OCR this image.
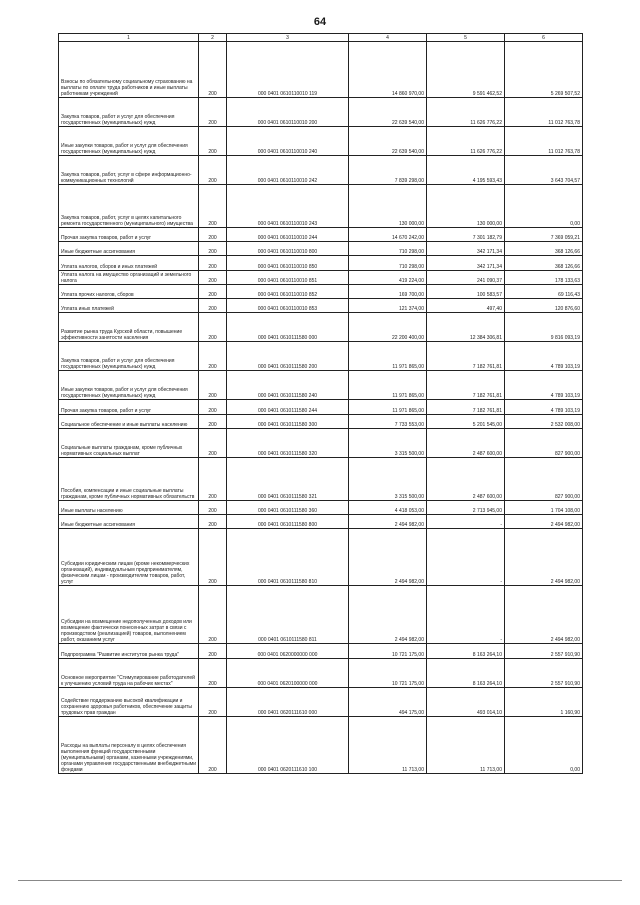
64
1	2	3	4	5	6
Взносы по обязательному социальному страхованию на выплаты по оплате труда работников и иные выплаты работникам учреждений	200	000 0401 0610110010 119	14 860 970,00	9 591 462,52	5 269 507,52
Закупка товаров, работ и услуг для обеспечения государственных (муниципальных) нужд	200	000 0401 0610110010 200	22 639 540,00	11 626 776,22	11 012 763,78
Иные закупки товаров, работ и услуг для обеспечения государственных (муниципальных) нужд	200	000 0401 0610110010 240	22 639 540,00	11 626 776,22	11 012 763,78
Закупка товаров, работ, услуг в сфере информационно-коммуникационных технологий	200	000 0401 0610110010 242	7 839 298,00	4 195 593,43	3 643 704,57
Закупка товаров, работ, услуг в целях капитального ремонта государственного (муниципального) имущества	200	000 0401 0610110010 243	130 000,00	130 000,00	0,00
Прочая закупка товаров, работ и услуг	200	000 0401 0610110010 244	14 670 242,00	7 301 182,79	7 369 059,21
Иные бюджетные ассигнования	200	000 0401 0610110010 800	710 298,00	342 171,34	368 126,66
Уплата налогов, сборов и иных платежей	200	000 0401 0610110010 850	710 298,00	342 171,34	368 126,66
Уплата налога на имущество организаций и земельного налога	200	000 0401 0610110010 851	419 224,00	241 090,37	178 133,63
Уплата прочих налогов, сборов	200	000 0401 0610110010 852	169 700,00	100 583,57	69 116,43
Уплата иных платежей	200	000 0401 0610110010 853	121 374,00	497,40	120 876,60
Развитие рынка труда Курской области, повышение эффективности занятости населения	200	000 0401 0610111580 000	22 200 400,00	12 384 306,81	9 816 093,19
Закупка товаров, работ и услуг для обеспечения государственных (муниципальных) нужд	200	000 0401 0610111580 200	11 971 865,00	7 182 761,81	4 789 103,19
Иные закупки товаров, работ и услуг для обеспечения государственных (муниципальных) нужд	200	000 0401 0610111580 240	11 971 865,00	7 182 761,81	4 789 103,19
Прочая закупка товаров, работ и услуг	200	000 0401 0610111580 244	11 971 865,00	7 182 761,81	4 789 103,19
Социальное обеспечение и иные выплаты населению	200	000 0401 0610111580 300	7 733 553,00	5 201 545,00	2 532 008,00
Социальные выплаты гражданам, кроме публичных нормативных социальных выплат	200	000 0401 0610111580 320	3 315 500,00	2 487 600,00	827 900,00
Пособия, компенсации и иные социальные выплаты гражданам, кроме публичных нормативных обязательств	200	000 0401 0610111580 321	3 315 500,00	2 487 600,00	827 900,00
Иные выплаты населению	200	000 0401 0610111580 360	4 418 053,00	2 713 945,00	1 704 108,00
Иные бюджетные ассигнования	200	000 0401 0610111580 800	2 494 982,00	-	2 494 982,00
Субсидии юридическим лицам (кроме некоммерческих организаций), индивидуальным предпринимателям, физическим лицам - производителям товаров, работ, услуг	200	000 0401 0610111580 810	2 494 982,00	-	2 494 982,00
Субсидии на возмещение недополученных доходов или возмещение фактически понесенных затрат в связи с производством (реализацией) товаров, выполнением работ, оказанием услуг	200	000 0401 0610111580 811	2 494 982,00	-	2 494 982,00
Подпрограмма "Развитие институтов рынка труда"	200	000 0401 0620000000 000	10 721 175,00	8 163 264,10	2 557 910,90
Основное мероприятие "Стимулирование работодателей к улучшению условий труда на рабочих местах"	200	000 0401 0620100000 000	10 721 175,00	8 163 264,10	2 557 910,90
Содействие поддержанию высокой квалификации и сохранению здоровья работников, обеспечение защиты трудовых прав граждан	200	000 0401 0620111610 000	494 175,00	493 014,10	1 160,90
Расходы на выплаты персоналу в целях обеспечения выполнения функций государственными (муниципальными) органами, казенными учреждениями, органами управления государственными внебюджетными фондами	200	000 0401 0620111610 100	11 713,00	11 713,00	0,00
